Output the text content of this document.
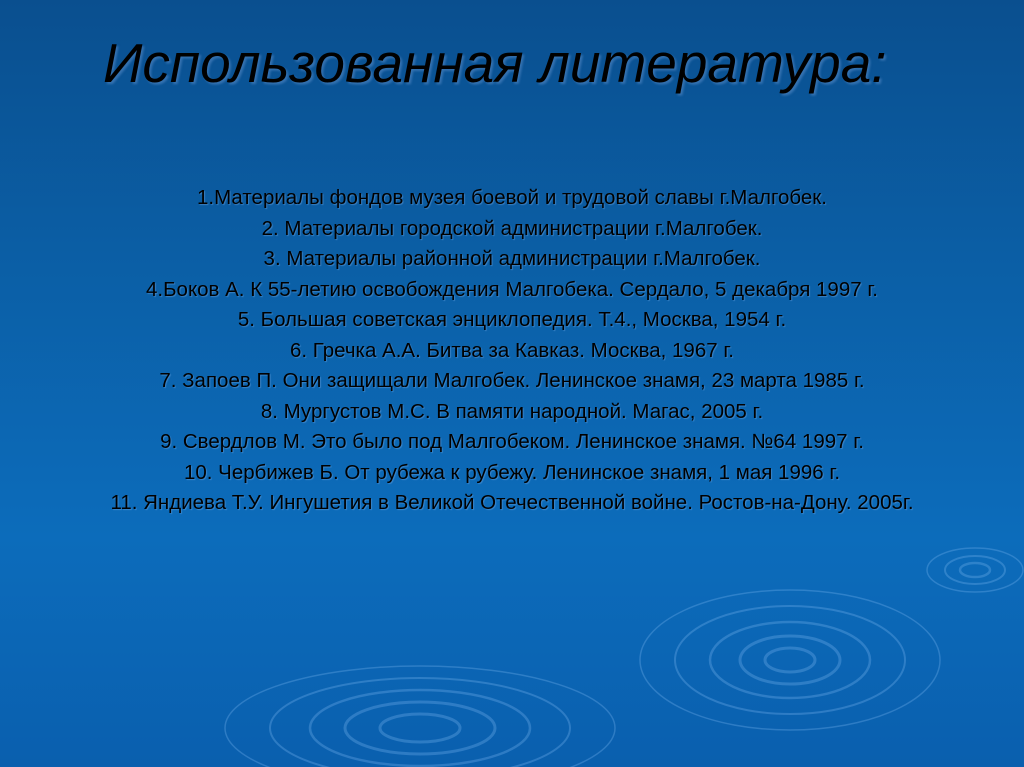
Использованная литература:
1.Материалы фондов музея боевой и трудовой славы г.Малгобек.
2. Материалы городской администрации г.Малгобек.
3. Материалы районной администрации г.Малгобек.
4.Боков А. К 55-летию освобождения Малгобека. Сердало, 5 декабря 1997 г.
5. Большая советская энциклопедия. Т.4., Москва, 1954 г.
6. Гречка А.А. Битва за Кавказ. Москва, 1967 г.
7. Запоев П. Они защищали Малгобек. Ленинское знамя, 23 марта 1985 г.
8. Мургустов М.С. В памяти народной. Магас, 2005 г.
9. Свердлов М. Это было под Малгобеком. Ленинское знамя. №64 1997 г.
10. Чербижев Б. От рубежа к рубежу. Ленинское знамя, 1 мая 1996 г.
11. Яндиева Т.У. Ингушетия в Великой Отечественной войне. Ростов-на-Дону. 2005г.
